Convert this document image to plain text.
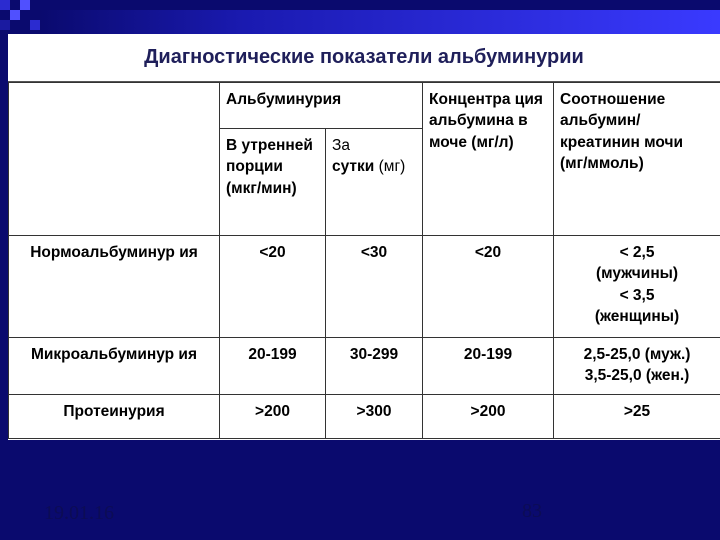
Диагностические показатели альбуминурии
	Альбуминурия		Концентра ция альбумина в моче (мг/л)	Соотношение альбумин/ креатинин мочи (мг/ммоль)
	В утренней порции (мкг/мин)	За
сутки (мг)		
Нормоальбуминур ия	<20	<30	<20	< 2,5
(мужчины)
< 3,5
(женщины)

Микроальбуминур ия	20-199	30-299	20-199	2,5-25,0 (муж.)
3,5-25,0 (жен.)

Протеинурия	>200	>300	>200	>25
19.01.16	83
